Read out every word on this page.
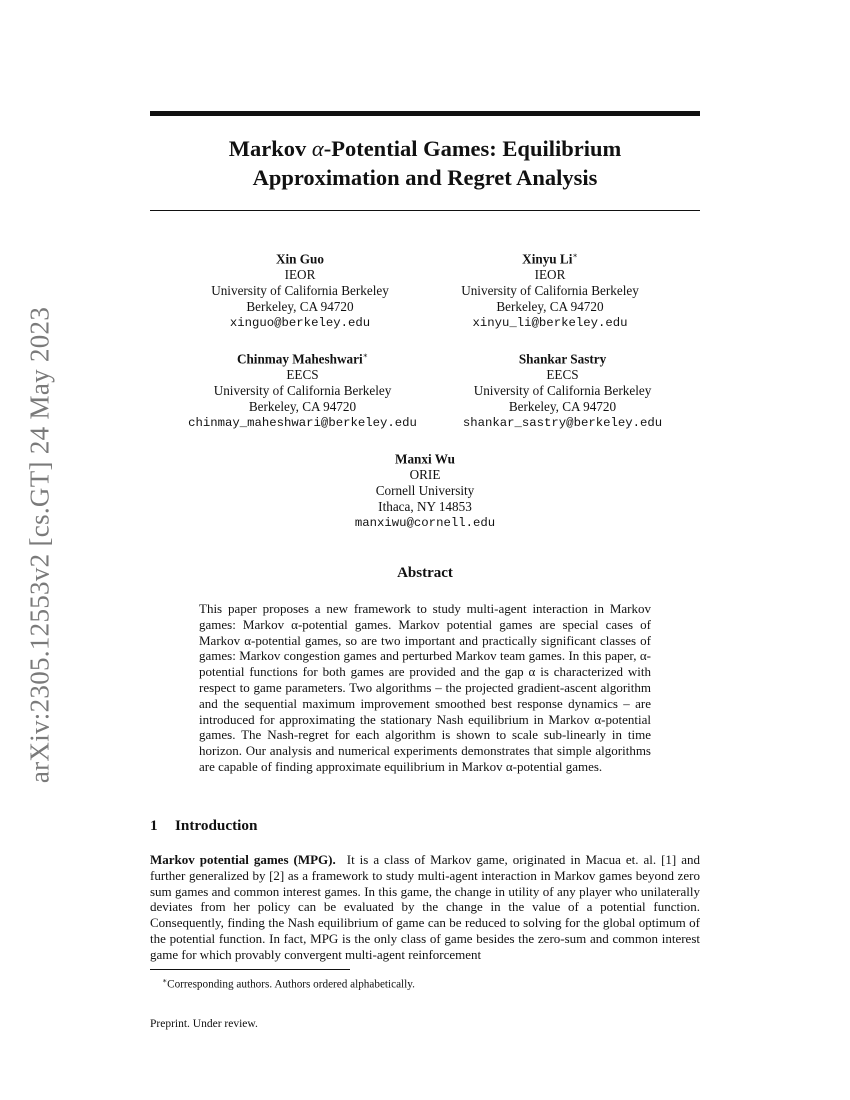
arXiv:2305.12553v2 [cs.GT] 24 May 2023
Markov α-Potential Games: Equilibrium
Approximation and Regret Analysis
Xin Guo
IEOR
University of California Berkeley
Berkeley, CA 94720
xinguo@berkeley.edu
Xinyu Li∗
IEOR
University of California Berkeley
Berkeley, CA 94720
xinyu_li@berkeley.edu
Chinmay Maheshwari∗
EECS
University of California Berkeley
Berkeley, CA 94720
chinmay_maheshwari@berkeley.edu
Shankar Sastry
EECS
University of California Berkeley
Berkeley, CA 94720
shankar_sastry@berkeley.edu
Manxi Wu
ORIE
Cornell University
Ithaca, NY 14853
manxiwu@cornell.edu
Abstract
This paper proposes a new framework to study multi-agent interaction in Markov games: Markov α-potential games. Markov potential games are special cases of Markov α-potential games, so are two important and practically significant classes of games: Markov congestion games and perturbed Markov team games. In this paper, α-potential functions for both games are provided and the gap α is characterized with respect to game parameters. Two algorithms – the projected gradient-ascent algorithm and the sequential maximum improvement smoothed best response dynamics – are introduced for approximating the stationary Nash equilibrium in Markov α-potential games. The Nash-regret for each algorithm is shown to scale sub-linearly in time horizon. Our analysis and numerical experiments demonstrates that simple algorithms are capable of finding approximate equilibrium in Markov α-potential games.
1 Introduction
Markov potential games (MPG). It is a class of Markov game, originated in Macua et. al. [1] and further generalized by [2] as a framework to study multi-agent interaction in Markov games beyond zero sum games and common interest games. In this game, the change in utility of any player who unilaterally deviates from her policy can be evaluated by the change in the value of a potential function. Consequently, finding the Nash equilibrium of game can be reduced to solving for the global optimum of the potential function. In fact, MPG is the only class of game besides the zero-sum and common interest game for which provably convergent multi-agent reinforcement
∗Corresponding authors. Authors ordered alphabetically.
Preprint. Under review.
